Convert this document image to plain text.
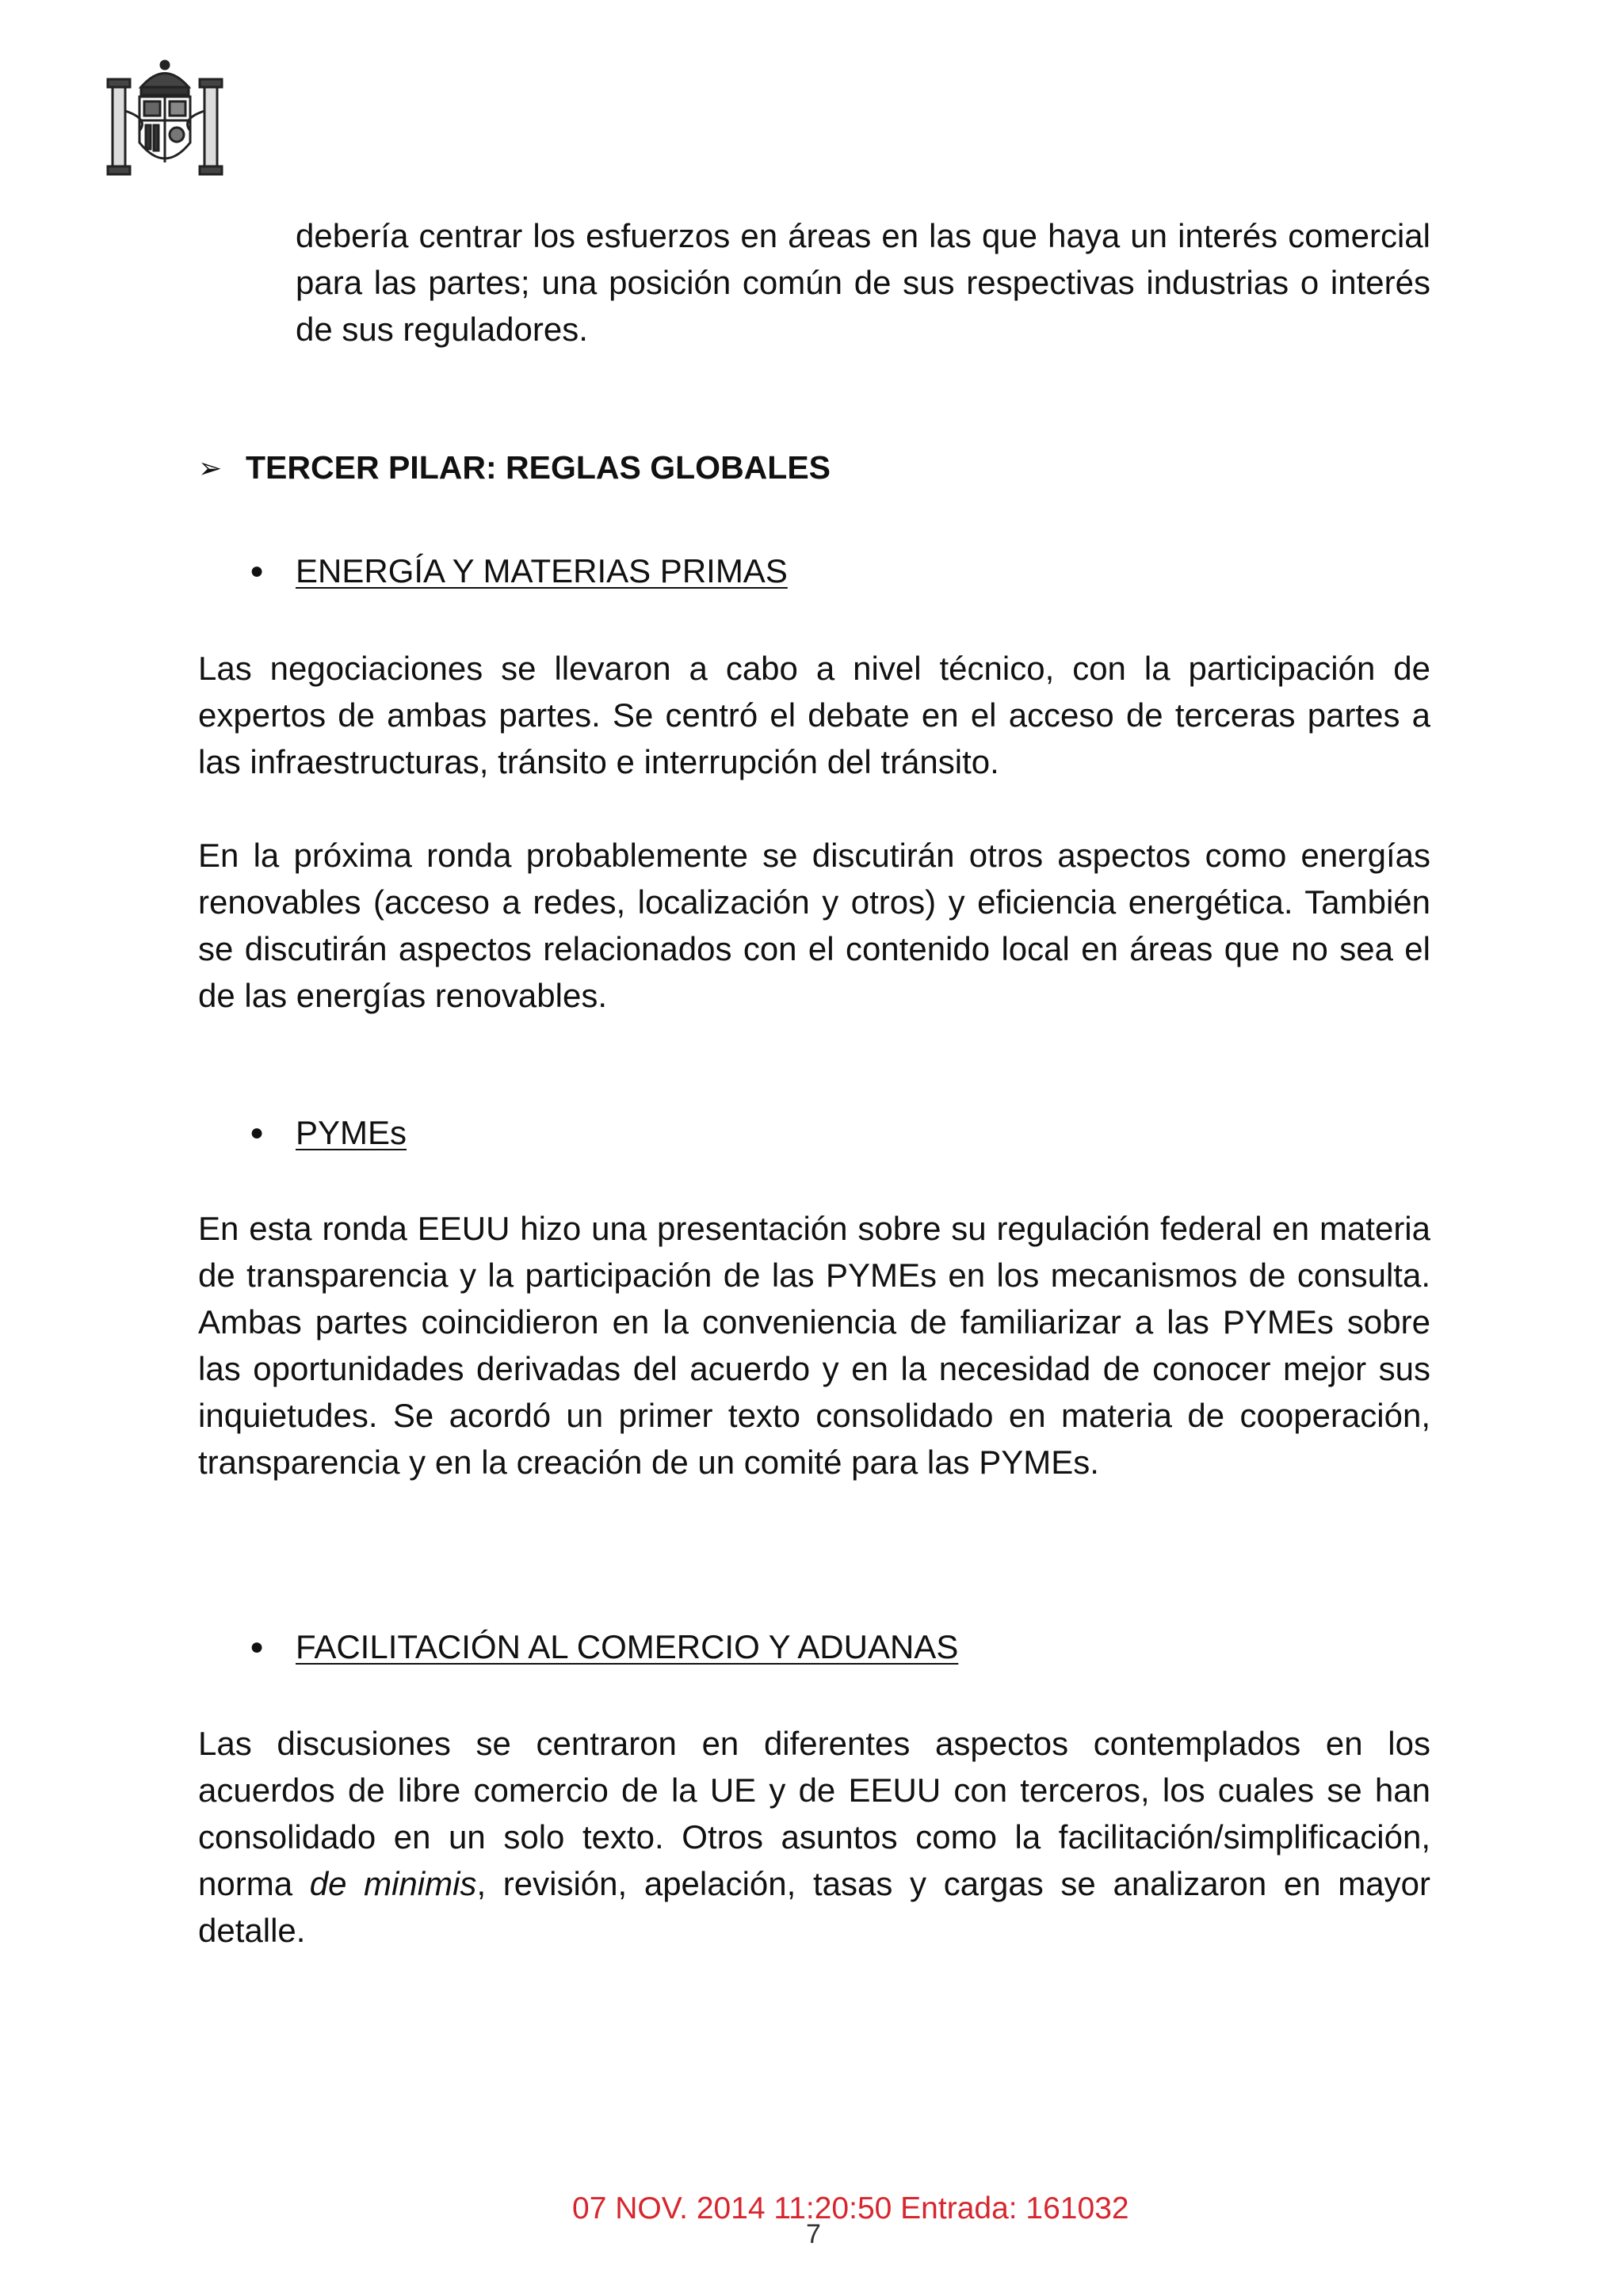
debería centrar los esfuerzos en áreas en las que haya un interés comercial para las partes; una posición común de sus respectivas industrias o interés de sus reguladores.

➢ TERCER PILAR: REGLAS GLOBALES
● ENERGÍA Y MATERIAS PRIMAS

Las negociaciones se llevaron a cabo a nivel técnico, con la participación de expertos de ambas partes. Se centró el debate en el acceso de terceras partes a las infraestructuras, tránsito e interrupción del tránsito.

En la próxima ronda probablemente se discutirán otros aspectos como energías renovables (acceso a redes, localización y otros) y eficiencia energética. También se discutirán aspectos relacionados con el contenido local en áreas que no sea el de las energías renovables.

● PYMEs

En esta ronda EEUU hizo una presentación sobre su regulación federal en materia de transparencia y la participación de las PYMEs en los mecanismos de consulta. Ambas partes coincidieron en la conveniencia de familiarizar a las PYMEs sobre las oportunidades derivadas del acuerdo y en la necesidad de conocer mejor sus inquietudes. Se acordó un primer texto consolidado en materia de cooperación, transparencia y en la creación de un comité para las PYMEs.

● FACILITACIÓN AL COMERCIO Y ADUANAS

Las discusiones se centraron en diferentes aspectos contemplados en los acuerdos de libre comercio de la UE y de EEUU con terceros, los cuales se han consolidado en un solo texto. Otros asuntos como la facilitación/simplificación, norma de minimis, revisión, apelación, tasas y cargas se analizaron en mayor detalle.

07 NOV. 2014 11:20:50 Entrada: 161032
7
